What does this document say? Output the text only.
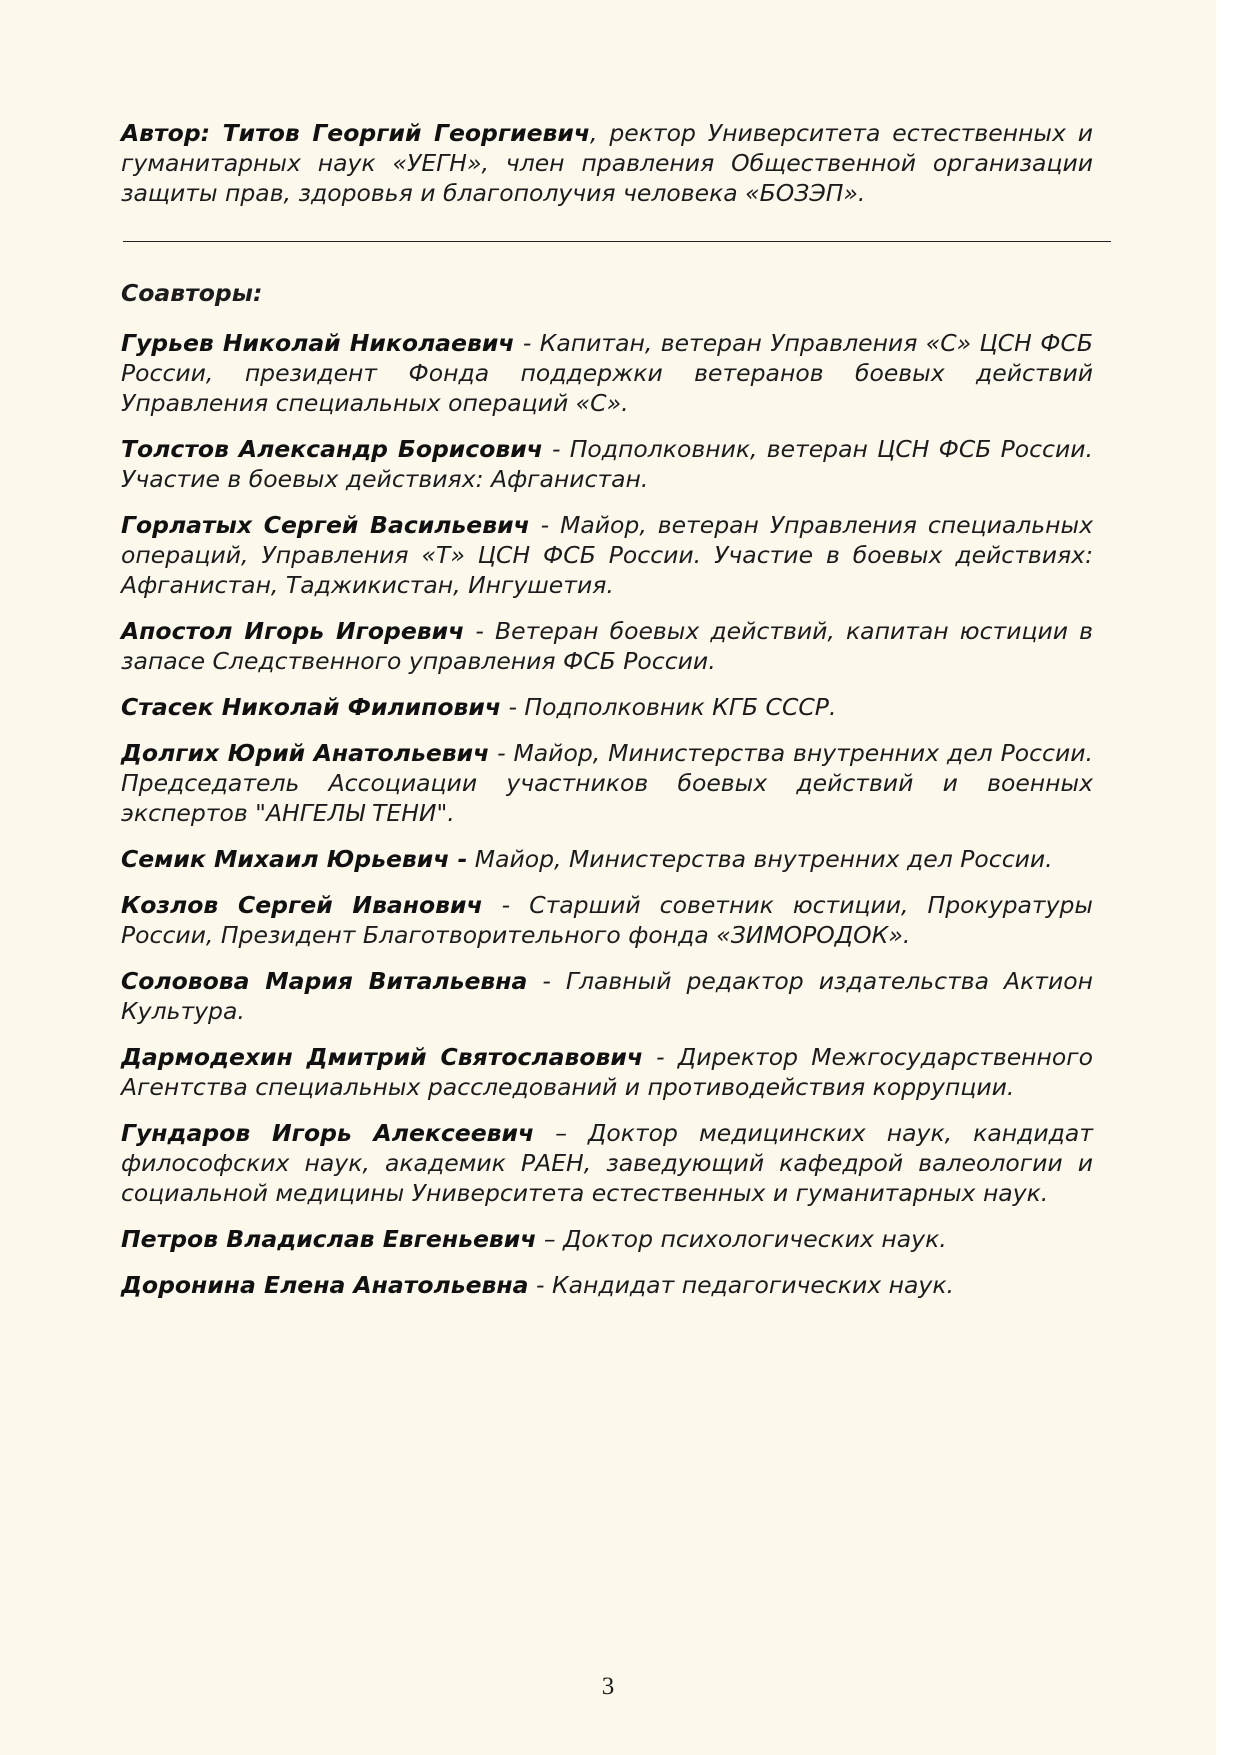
Автор: Титов Георгий Георгиевич, ректор Университета естественных и гуманитарных наук «УЕГН», член правления Общественной организации защиты прав, здоровья и благополучия человека «БОЗЭП».

Соавторы:

Гурьев Николай Николаевич - Капитан, ветеран Управления «С» ЦСН ФСБ России, президент Фонда поддержки ветеранов боевых действий Управления специальных операций «С».

Толстов Александр Борисович - Подполковник, ветеран ЦСН ФСБ России. Участие в боевых действиях: Афганистан.

Горлатых Сергей Васильевич - Майор, ветеран Управления специальных операций, Управления «Т» ЦСН ФСБ России. Участие в боевых действиях: Афганистан, Таджикистан, Ингушетия.

Апостол Игорь Игоревич - Ветеран боевых действий, капитан юстиции в запасе Следственного управления ФСБ России.

Стасек Николай Филипович - Подполковник КГБ СССР.

Долгих Юрий Анатольевич - Майор, Министерства внутренних дел России. Председатель Ассоциации участников боевых действий и военных экспертов "АНГЕЛЫ ТЕНИ".

Семик Михаил Юрьевич - Майор, Министерства внутренних дел России.

Козлов Сергей Иванович - Старший советник юстиции, Прокуратуры России, Президент Благотворительного фонда «ЗИМОРОДОК».

Соловова Мария Витальевна - Главный редактор издательства Актион Культура.

Дармодехин Дмитрий Святославович - Директор Межгосударственного Агентства специальных расследований и противодействия коррупции.

Гундаров Игорь Алексеевич – Доктор медицинских наук, кандидат философских наук, академик РАЕН, заведующий кафедрой валеологии и социальной медицины Университета естественных и гуманитарных наук.

Петров Владислав Евгеньевич – Доктор психологических наук.

Доронина Елена Анатольевна - Кандидат педагогических наук.

3
